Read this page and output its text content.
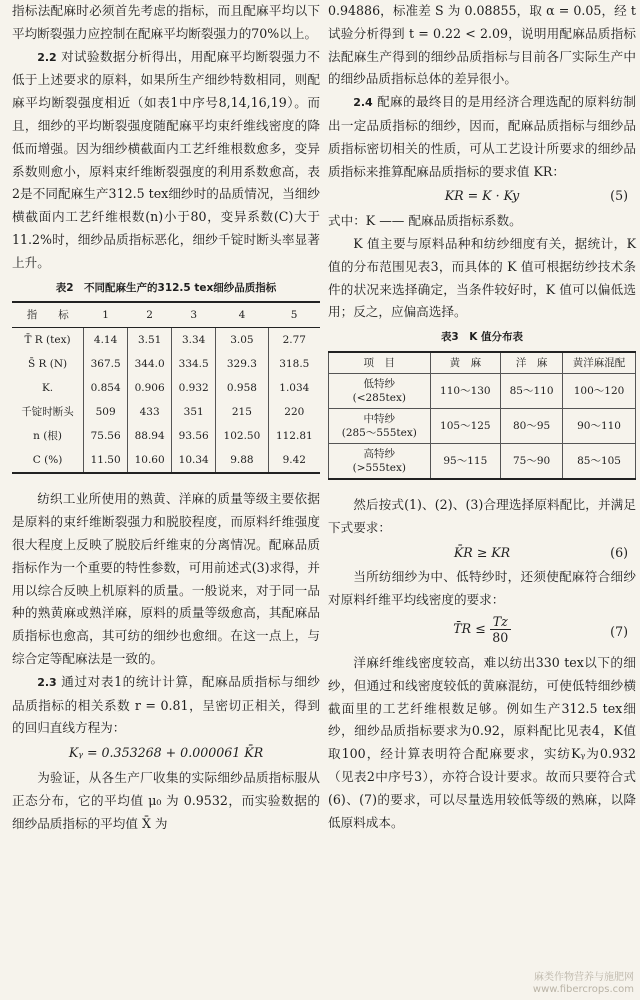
指标法配麻时必须首先考虑的指标，而且配麻平均以下平均断裂强力应控制在配麻平均断裂强力的70%以上。

2.2 对试验数据分析得出，用配麻平均断裂强力不低于上述要求的原料，如果所生产细纱特数相同，则配麻平均断裂强度相近（如表1中序号8,14,16,19）。而且，细纱的平均断裂强度随配麻平均束纤维线密度的降低而增强。因为细纱横截面内工艺纤维根数愈多，变异系数则愈小，原料束纤维断裂强度的利用系数愈高，表2是不同配麻生产312.5 tex细纱时的品质情况，当细纱横截面内工艺纤维根数(n)小于80，变异系数(C)大于11.2%时，细纱品质指标恶化，细纱千锭时断头率显著上升。

表2　不同配麻生产的312.5 tex细纱品质指标
指　　标	1	2	3	4	5
T̄ R (tex)	4.14	3.51	3.34	3.05	2.77
S̄ R (N)	367.5	344.0	334.5	329.3	318.5
K.	0.854	0.906	0.932	0.958	1.034
千锭时断头	509	433	351	215	220
n (根)	75.56	88.94	93.56	102.50	112.81
C (%)	11.50	10.60	10.34	9.88	9.42

纺织工业所使用的熟黄、洋麻的质量等级主要依据是原料的束纤维断裂强力和脱胶程度，而原料纤维强度很大程度上反映了脱胶后纤维束的分离情况。配麻品质指标作为一个重要的特性参数，可用前述式(3)求得，并用以综合反映上机原料的质量。一般说来，对于同一品种的熟黄麻或熟洋麻，原料的质量等级愈高，其配麻品质指标也愈高，其可纺的细纱也愈细。在这一点上，与综合定等配麻法是一致的。

2.3 通过对表1的统计计算，配麻品质指标与细纱品质指标的相关系数 r = 0.81，呈密切正相关，得到的回归直线方程为：

Kᵧ = 0.353268 + 0.000061 K̄R

为验证，从各生产厂收集的实际细纱品质指标服从正态分布，它的平均值 μ₀ 为 0.9532，而实验数据的细纱品质指标的平均值 X̄ 为

0.94886，标准差 S 为 0.08855，取 α = 0.05，经 t 试验分析得到 t = 0.22 < 2.09，说明用配麻品质指标法配麻生产得到的细纱品质指标与目前各厂实际生产中的细纱品质指标总体的差异很小。

2.4 配麻的最终目的是用经济合理选配的原料纺制出一定品质指标的细纱，因而，配麻品质指标与细纱品质指标密切相关的性质，可从工艺设计所要求的细纱品质指标来推算配麻品质指标的要求值 KR：

KR = K · Ky	(5)

式中：K —— 配麻品质指标系数。

K 值主要与原料品种和纺纱细度有关，据统计，K 值的分布范围见表3，而具体的 K 值可根据纺纱技术条件的状况来选择确定，当条件较好时，K 值可以偏低选用；反之，应偏高选择。

表3　K 值分布表
项　目	黄　麻	洋　麻	黄洋麻混配

低特纱
(<285tex)	110～130	85～110	100～120

中特纱
(285～555tex)	105～125	80～95	90～110

高特纱
(>555tex)	95～115	75～90	85～105

然后按式(1)、(2)、(3)合理选择原料配比，并满足下式要求：

K̄R ≥ KR	(6)

当所纺细纱为中、低特纱时，还须使配麻符合细纱对原料纤维平均线密度的要求：

T̄R ≤ $\frac{Tz}{80}$	(7)

洋麻纤维线密度较高，难以纺出330 tex以下的细纱，但通过和线密度较低的黄麻混纺，可使低特细纱横截面里的工艺纤维根数足够。例如生产312.5 tex细纱，细纱品质指标要求为0.92，原料配比见表4，K值取100，经计算表明符合配麻要求，实纺Kᵧ为0.932（见表2中序号3），亦符合设计要求。故而只要符合式(6)、(7)的要求，可以尽量选用较低等级的熟麻，以降低原料成本。

麻类作物营养与施肥网
www.fibercrops.com
